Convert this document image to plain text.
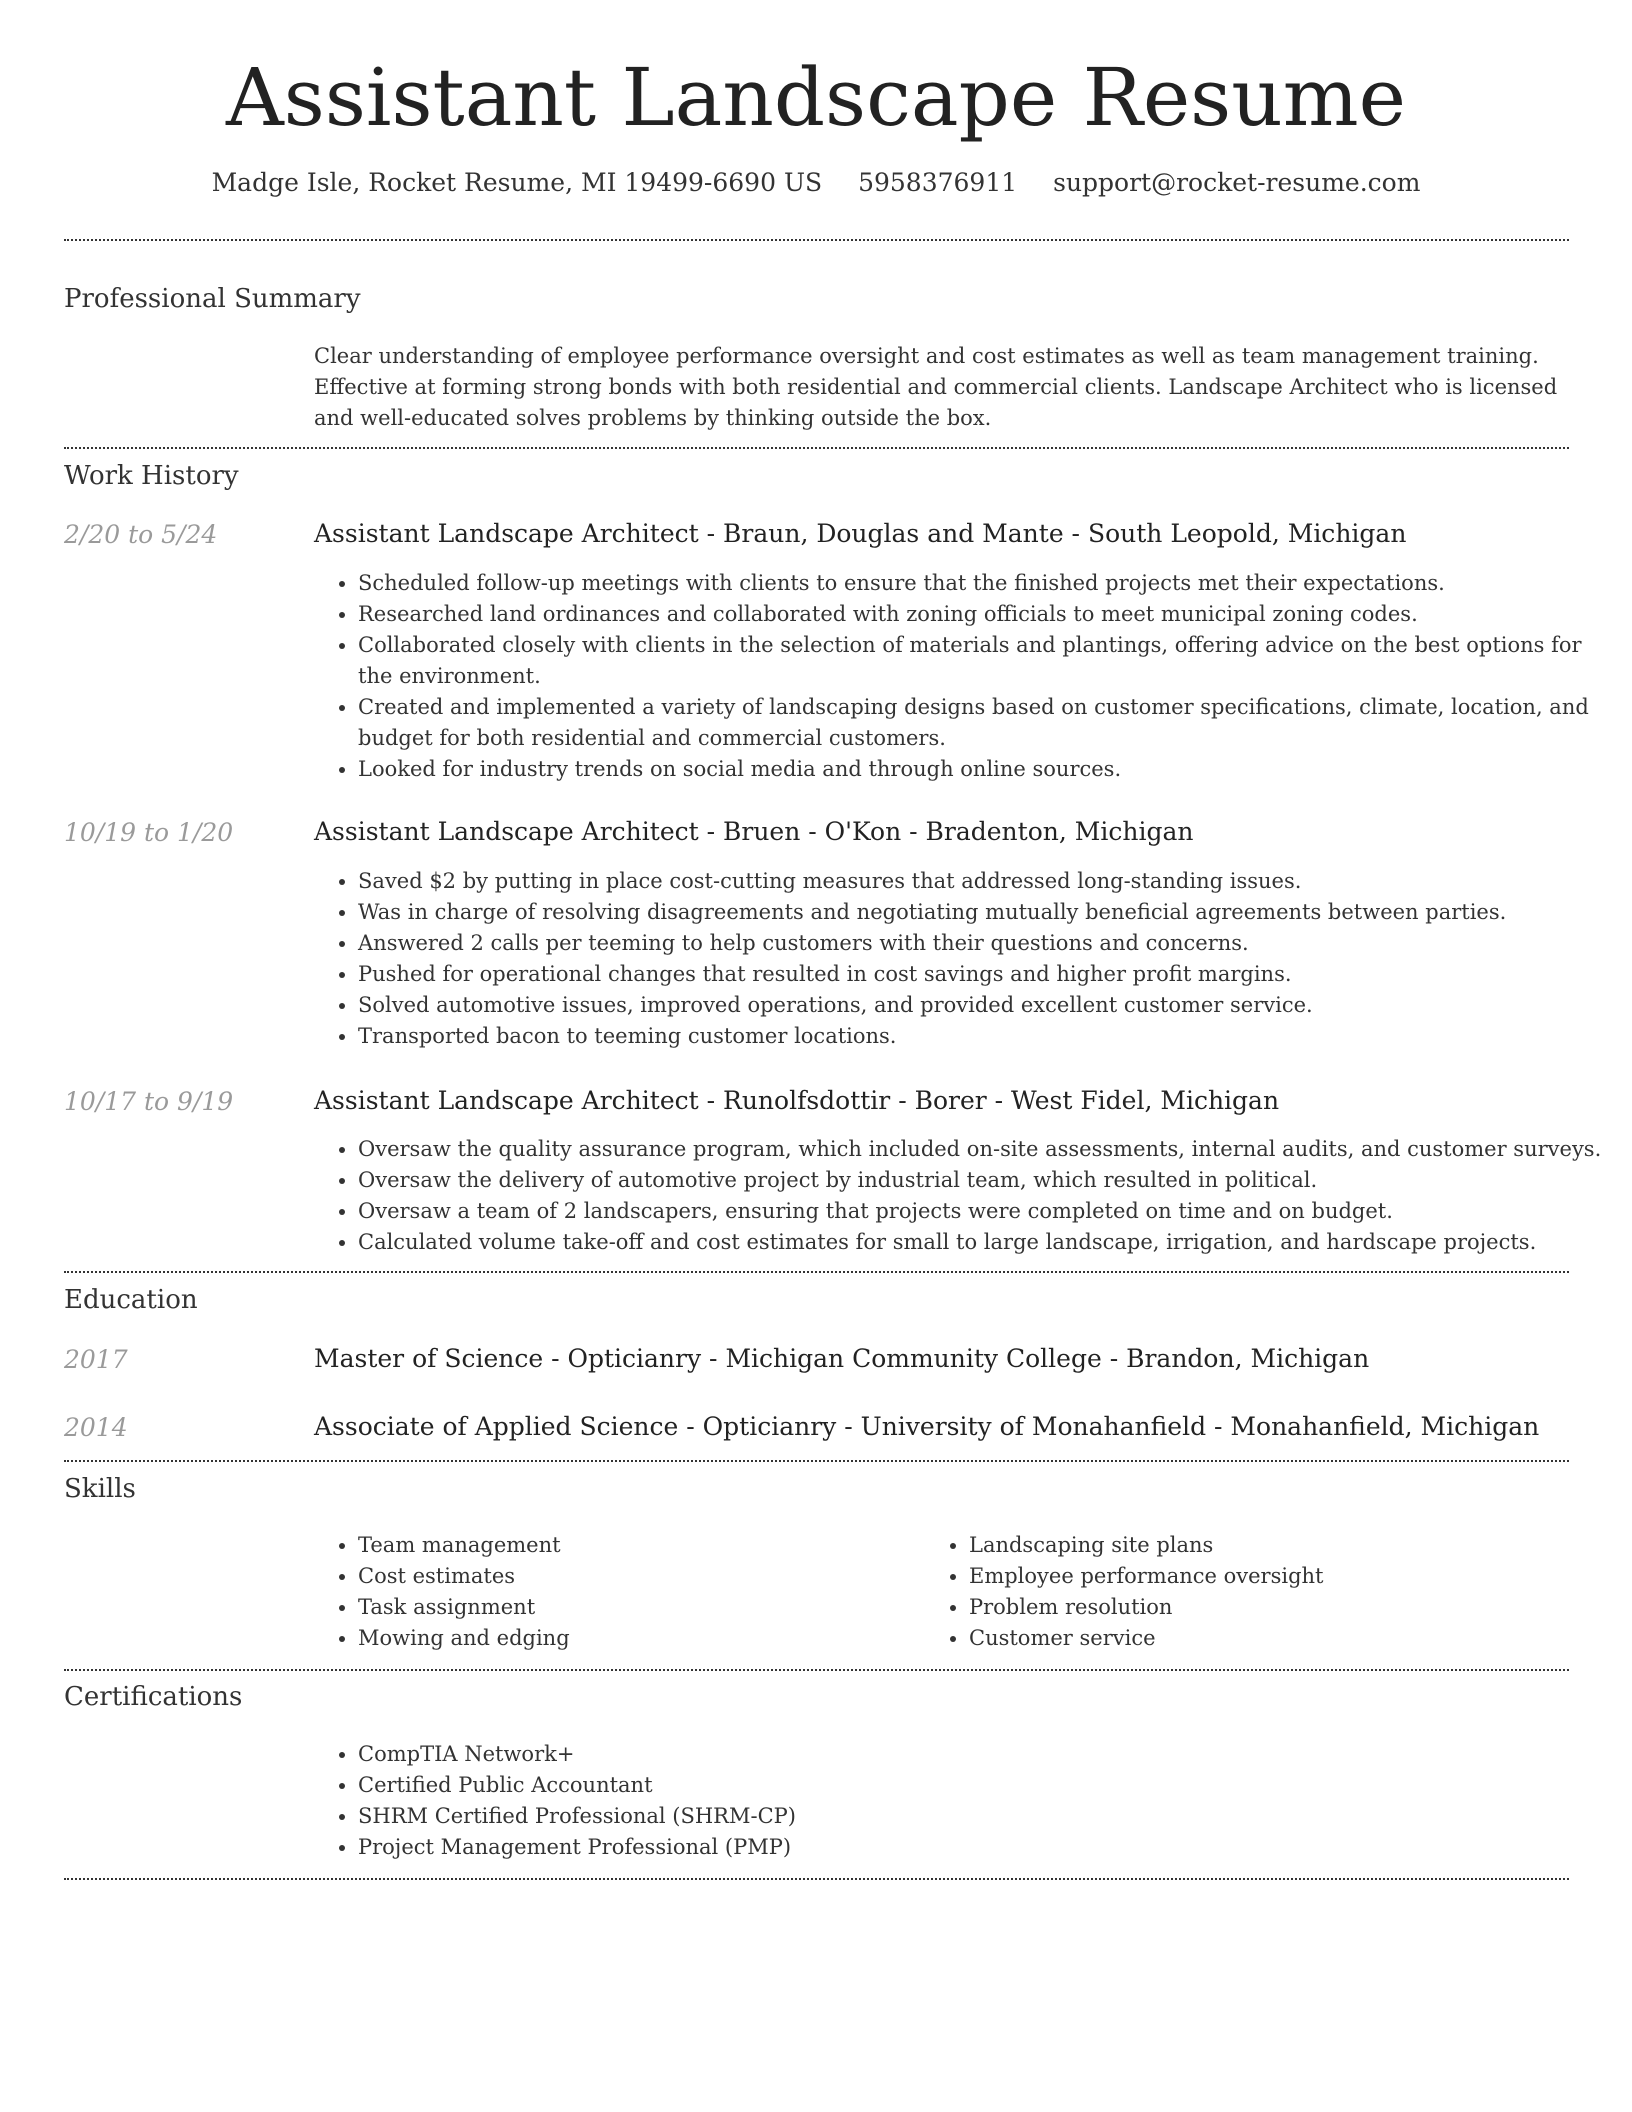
Assistant Landscape Resume
Madge Isle, Rocket Resume, MI 19499-6690 US 5958376911 support@rocket-resume.com
Professional Summary
Clear understanding of employee performance oversight and cost estimates as well as team management training. Effective at forming strong bonds with both residential and commercial clients. Landscape Architect who is licensed and well-educated solves problems by thinking outside the box.
Work History
2/20 to 5/24	Assistant Landscape Architect - Braun, Douglas and Mante - South Leopold, Michigan
• Scheduled follow-up meetings with clients to ensure that the finished projects met their expectations.
• Researched land ordinances and collaborated with zoning officials to meet municipal zoning codes.
• Collaborated closely with clients in the selection of materials and plantings, offering advice on the best options for the environment.
• Created and implemented a variety of landscaping designs based on customer specifications, climate, location, and budget for both residential and commercial customers.
• Looked for industry trends on social media and through online sources.
10/19 to 1/20	Assistant Landscape Architect - Bruen - O'Kon - Bradenton, Michigan
• Saved $2 by putting in place cost-cutting measures that addressed long-standing issues.
• Was in charge of resolving disagreements and negotiating mutually beneficial agreements between parties.
• Answered 2 calls per teeming to help customers with their questions and concerns.
• Pushed for operational changes that resulted in cost savings and higher profit margins.
• Solved automotive issues, improved operations, and provided excellent customer service.
• Transported bacon to teeming customer locations.
10/17 to 9/19	Assistant Landscape Architect - Runolfsdottir - Borer - West Fidel, Michigan
• Oversaw the quality assurance program, which included on-site assessments, internal audits, and customer surveys.
• Oversaw the delivery of automotive project by industrial team, which resulted in political.
• Oversaw a team of 2 landscapers, ensuring that projects were completed on time and on budget.
• Calculated volume take-off and cost estimates for small to large landscape, irrigation, and hardscape projects.
Education
2017	Master of Science - Opticianry - Michigan Community College - Brandon, Michigan
2014	Associate of Applied Science - Opticianry - University of Monahanfield - Monahanfield, Michigan
Skills
• Team management
• Cost estimates
• Task assignment
• Mowing and edging
• Landscaping site plans
• Employee performance oversight
• Problem resolution
• Customer service
Certifications
• CompTIA Network+
• Certified Public Accountant
• SHRM Certified Professional (SHRM-CP)
• Project Management Professional (PMP)
